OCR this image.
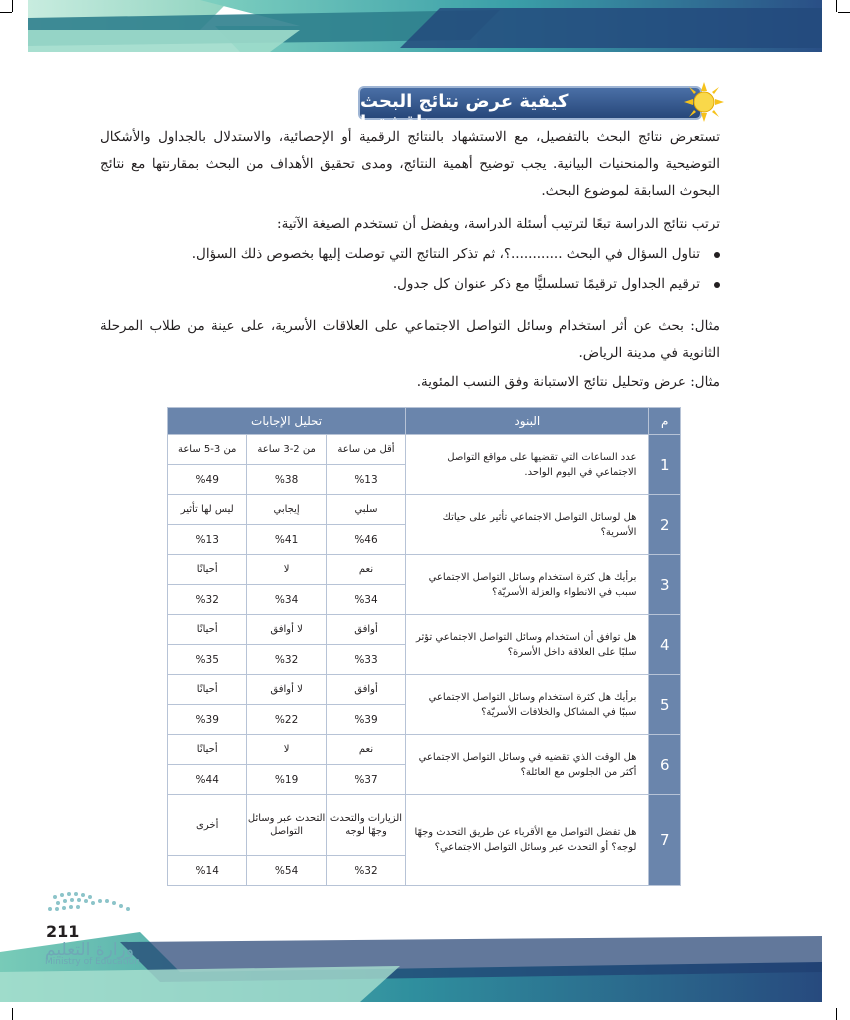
كيفية عرض نتائج البحث ومناقشتها
تستعرض نتائج البحث بالتفصيل، مع الاستشهاد بالنتائج الرقمية أو الإحصائية، والاستدلال بالجداول والأشكال التوضيحية والمنحنيات البيانية. يجب توضيح أهمية النتائج، ومدى تحقيق الأهداف من البحث بمقارنتها مع نتائج البحوث السابقة لموضوع البحث.
ترتب نتائج الدراسة تبعًا لترتيب أسئلة الدراسة، ويفضل أن تستخدم الصيغة الآتية:
تناول السؤال في البحث ............؟، ثم تذكر النتائج التي توصلت إليها بخصوص ذلك السؤال.
ترقيم الجداول ترقيمًا تسلسليًّا مع ذكر عنوان كل جدول.
مثال: بحث عن أثر استخدام وسائل التواصل الاجتماعي على العلاقات الأسرية، على عينة من طلاب المرحلة الثانوية في مدينة الرياض.
مثال: عرض وتحليل نتائج الاستبانة وفق النسب المئوية.
م	البنود	تحليل الإجابات		
1	عدد الساعات التي تقضيها على مواقع التواصل الاجتماعي في اليوم الواحد.	أقل من ساعة	من 2-3 ساعة	من 3-5 ساعة
		%13	%38	%49
2	هل لوسائل التواصل الاجتماعي تأثير على حياتك الأسرية؟	سلبي	إيجابي	ليس لها تأثير
		%46	%41	%13
3	برأيك هل كثرة استخدام وسائل التواصل الاجتماعي سبب في الانطواء والعزلة الأسريّة؟	نعم	لا	أحيانًا
		%34	%34	%32
4	هل توافق أن استخدام وسائل التواصل الاجتماعي تؤثر سلبًا على العلاقة داخل الأسرة؟	أوافق	لا أوافق	أحيانًا
		%33	%32	%35
5	برأيك هل كثرة استخدام وسائل التواصل الاجتماعي سببًا في المشاكل والخلافات الأسريّة؟	أوافق	لا أوافق	أحيانًا
		%39	%22	%39
6	هل الوقت الذي تقضيه في وسائل التواصل الاجتماعي أكثر من الجلوس مع العائلة؟	نعم	لا	أحيانًا
		%37	%19	%44
7	هل تفضل التواصل مع الأقرباء عن طريق التحدث وجهًا لوجه؟ أو التحدث عبر وسائل التواصل الاجتماعي؟	الزيارات والتحدث وجهًا لوجه	التحدث عبر وسائل التواصل	أخرى
		%32	%54	%14
211
وزارة التعليم
Ministry of Education
